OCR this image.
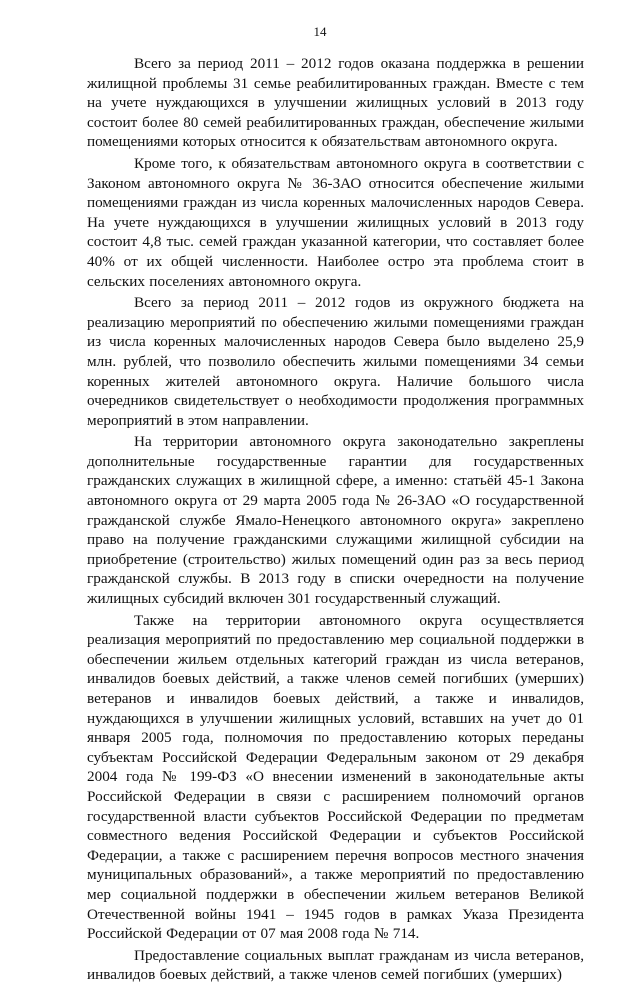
14

Всего за период 2011 – 2012 годов оказана поддержка в решении жилищной проблемы 31 семье реабилитированных граждан. Вместе с тем на учете нуждающихся в улучшении жилищных условий в 2013 году состоит более 80 семей реабилитированных граждан, обеспечение жилыми помещениями которых относится к обязательствам автономного округа.

Кроме того, к обязательствам автономного округа в соответствии с Законом автономного округа № 36-ЗАО относится обеспечение жилыми помещениями граждан из числа коренных малочисленных народов Севера. На учете нуждающихся в улучшении жилищных условий в 2013 году состоит 4,8 тыс. семей граждан указанной категории, что составляет более 40% от их общей численности. Наиболее остро эта проблема стоит в сельских поселениях автономного округа.

Всего за период 2011 – 2012 годов из окружного бюджета на реализацию мероприятий по обеспечению жилыми помещениями граждан из числа коренных малочисленных народов Севера было выделено 25,9 млн. рублей, что позволило обеспечить жилыми помещениями 34 семьи коренных жителей автономного округа. Наличие большого числа очередников свидетельствует о необходимости продолжения программных мероприятий в этом направлении.

На территории автономного округа законодательно закреплены дополнительные государственные гарантии для государственных гражданских служащих в жилищной сфере, а именно: статьёй 45-1 Закона автономного округа от 29 марта 2005 года № 26-ЗАО «О государственной гражданской службе Ямало-Ненецкого автономного округа» закреплено право на получение гражданскими служащими жилищной субсидии на приобретение (строительство) жилых помещений один раз за весь период гражданской службы. В 2013 году в списки очередности на получение жилищных субсидий включен 301 государственный служащий.

Также на территории автономного округа осуществляется реализация мероприятий по предоставлению мер социальной поддержки в обеспечении жильем отдельных категорий граждан из числа ветеранов, инвалидов боевых действий, а также членов семей погибших (умерших) ветеранов и инвалидов боевых действий, а также и инвалидов, нуждающихся в улучшении жилищных условий, вставших на учет до 01 января 2005 года, полномочия по предоставлению которых переданы субъектам Российской Федерации Федеральным законом от 29 декабря 2004 года № 199-ФЗ «О внесении изменений в законодательные акты Российской Федерации в связи с расширением полномочий органов государственной власти субъектов Российской Федерации по предметам совместного ведения Российской Федерации и субъектов Российской Федерации, а также с расширением перечня вопросов местного значения муниципальных образований», а также мероприятий по предоставлению мер социальной поддержки в обеспечении жильем ветеранов Великой Отечественной войны 1941 – 1945 годов в рамках Указа Президента Российской Федерации от 07 мая 2008 года № 714.

Предоставление социальных выплат гражданам из числа ветеранов, инвалидов боевых действий, а также членов семей погибших (умерших)
